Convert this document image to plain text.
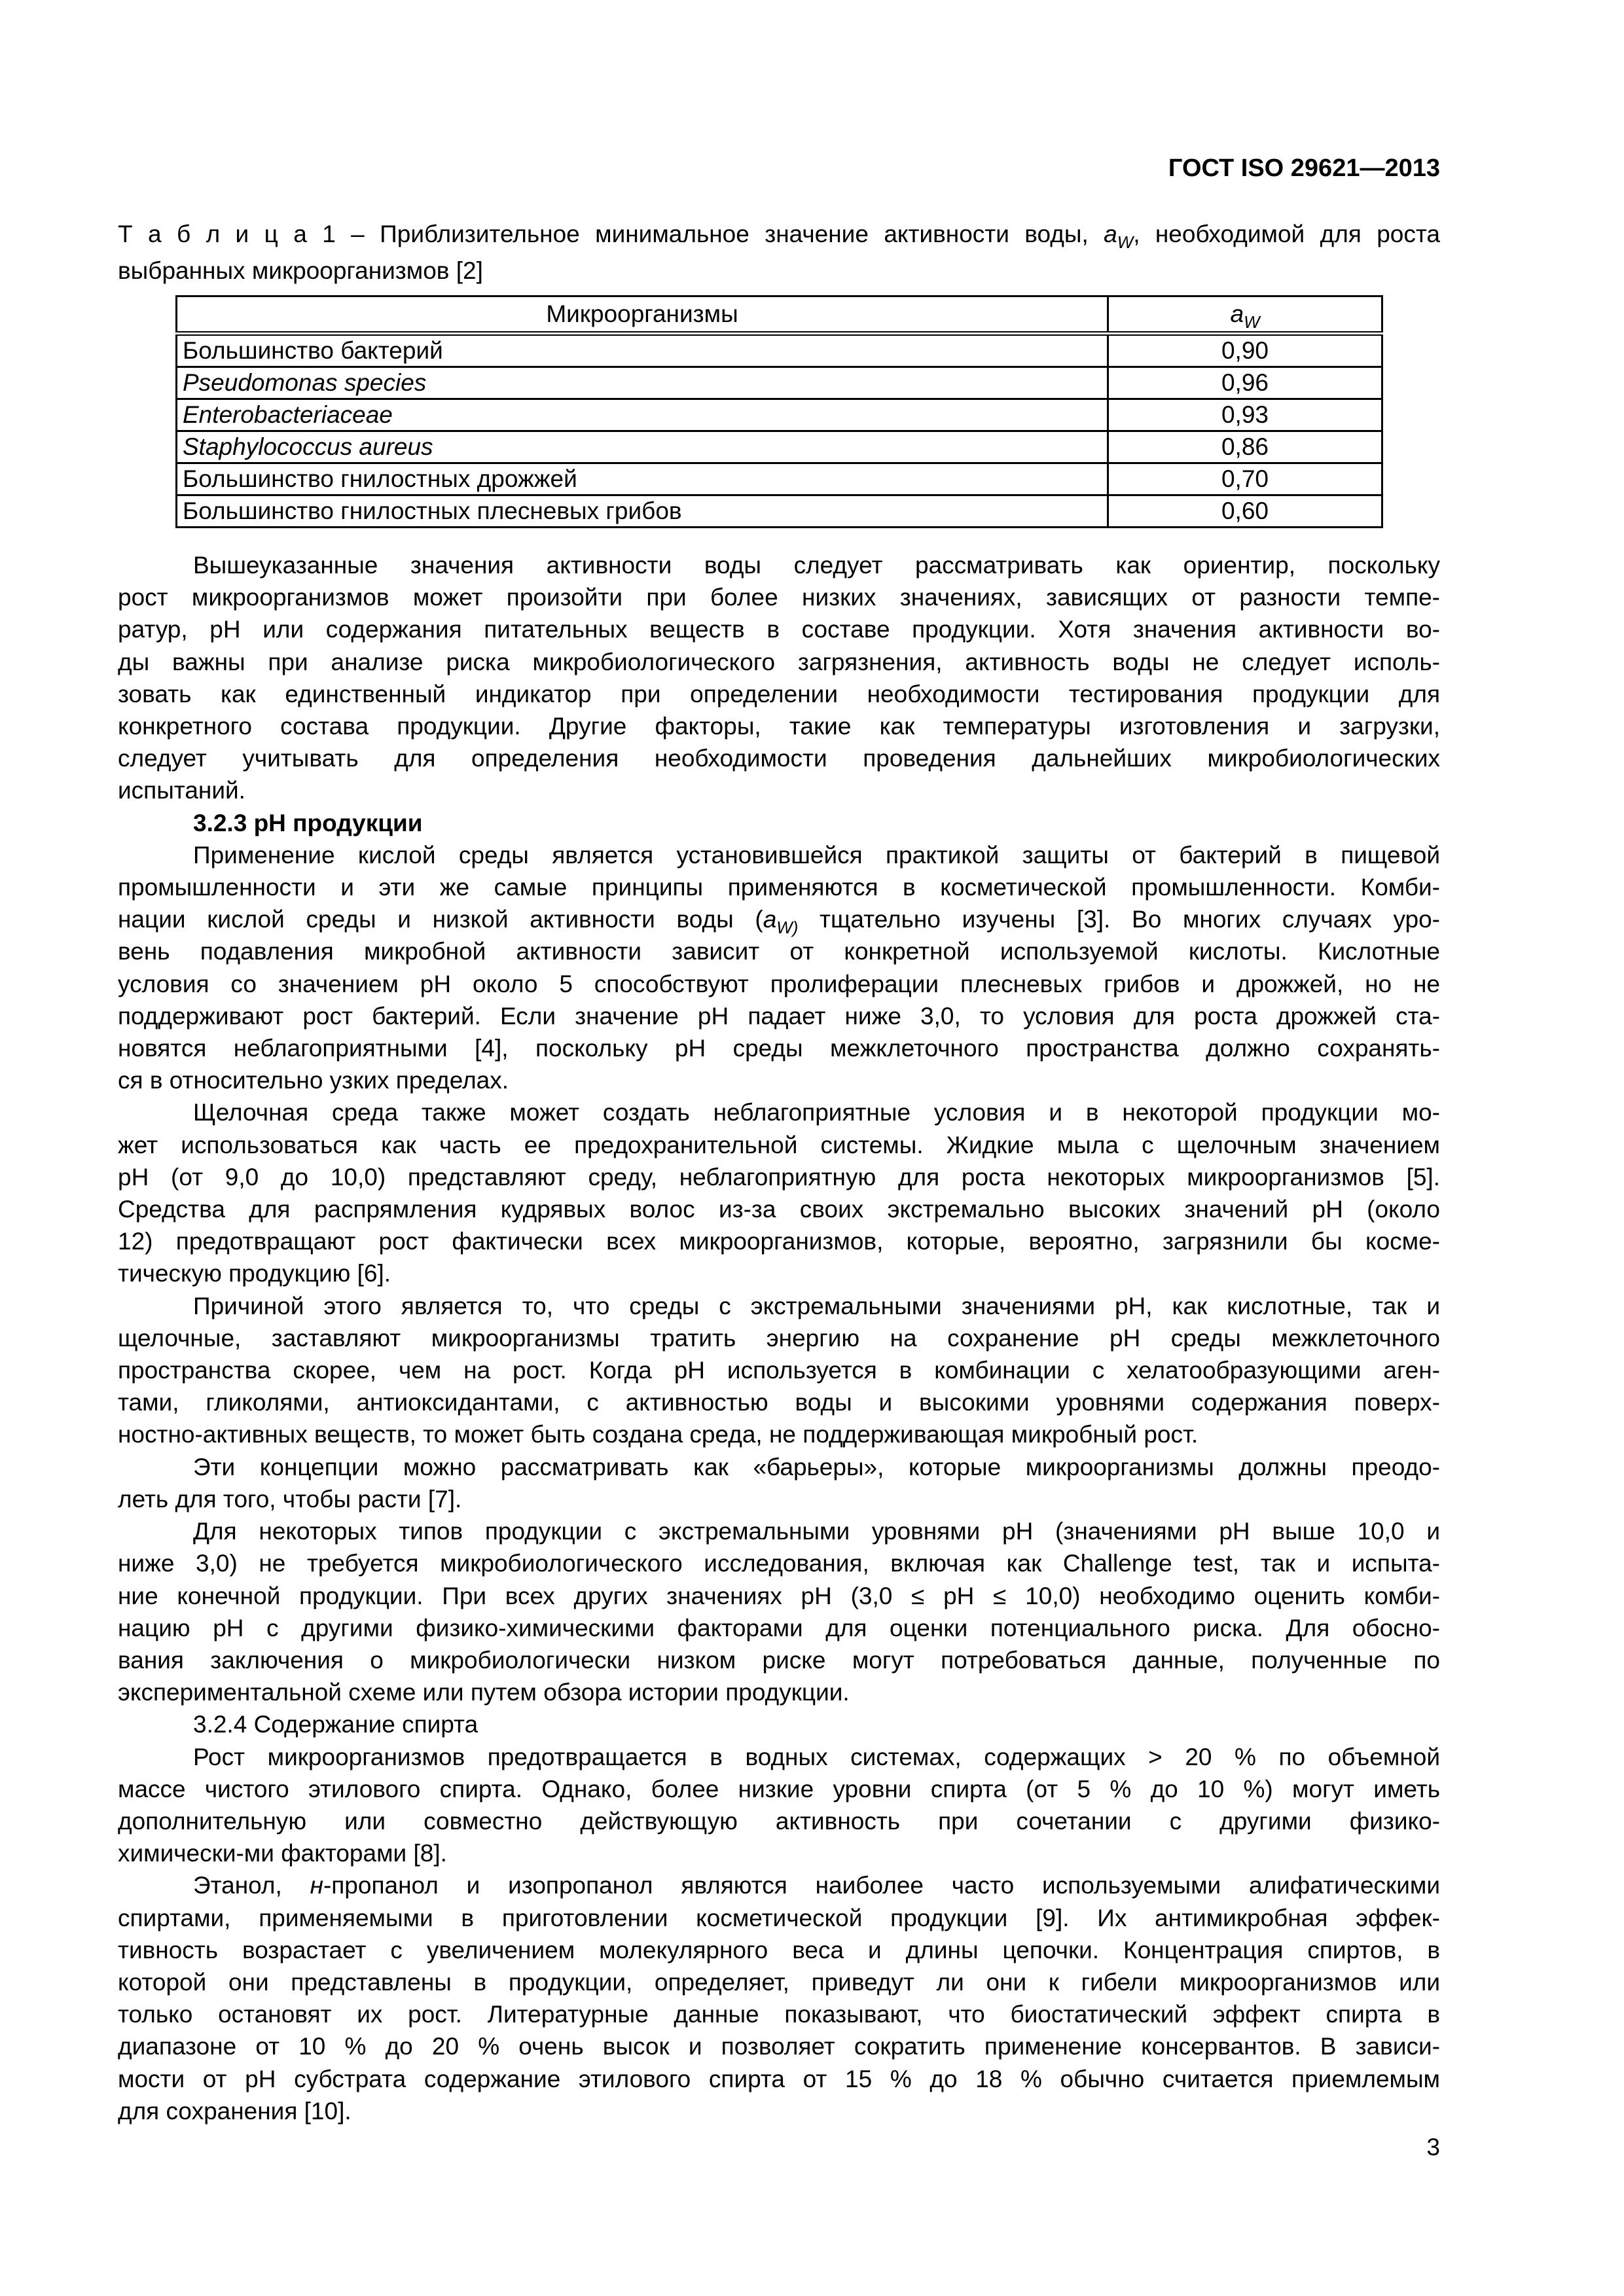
ГОСТ ISO 29621—2013
Т а б л и ц а 1 – Приблизительное минимальное значение активности воды, $a_W$, необходимой для роста
выбранных микроорганизмов [2]
Микроорганизмы	$a_W$
Большинство бактерий	0,90
Pseudomonas species	0,96
Enterobacteriaceae	0,93
Staphylococcus aureus	0,86
Большинство гнилостных дрожжей	0,70
Большинство гнилостных плесневых грибов	0,60
Вышеуказанные значения активности воды следует рассматривать как ориентир, поскольку
рост микроорганизмов может произойти при более низких значениях, зависящих от разности темпе-
ратур, pH или содержания питательных веществ в составе продукции. Хотя значения активности во-
ды важны при анализе риска микробиологического загрязнения, активность воды не следует исполь-
зовать как единственный индикатор при определении необходимости тестирования продукции для
конкретного состава продукции. Другие факторы, такие как температуры изготовления и загрузки,
следует учитывать для определения необходимости проведения дальнейших микробиологических
испытаний.
3.2.3 pH продукции
Применение кислой среды является установившейся практикой защиты от бактерий в пищевой
промышленности и эти же самые принципы применяются в косметической промышленности. Комби-
нации кислой среды и низкой активности воды ($a_{W)}$ тщательно изучены [3]. Во многих случаях уро-
вень подавления микробной активности зависит от конкретной используемой кислоты. Кислотные
условия со значением pH около 5 способствуют пролиферации плесневых грибов и дрожжей, но не
поддерживают рост бактерий. Если значение pH падает ниже 3,0, то условия для роста дрожжей ста-
новятся неблагоприятными [4], поскольку pH среды межклеточного пространства должно сохранять-
ся в относительно узких пределах.
Щелочная среда также может создать неблагоприятные условия и в некоторой продукции мо-
жет использоваться как часть ее предохранительной системы. Жидкие мыла с щелочным значением
pH (от 9,0 до 10,0) представляют среду, неблагоприятную для роста некоторых микроорганизмов [5].
Средства для распрямления кудрявых волос из-за своих экстремально высоких значений pH (около
12) предотвращают рост фактически всех микроорганизмов, которые, вероятно, загрязнили бы косме-
тическую продукцию [6].
Причиной этого является то, что среды с экстремальными значениями pH, как кислотные, так и
щелочные, заставляют микроорганизмы тратить энергию на сохранение pH среды межклеточного
пространства скорее, чем на рост. Когда pH используется в комбинации с хелатообразующими аген-
тами, гликолями, антиоксидантами, с активностью воды и высокими уровнями содержания поверх-
ностно-активных веществ, то может быть создана среда, не поддерживающая микробный рост.
Эти концепции можно рассматривать как «барьеры», которые микроорганизмы должны преодо-
леть для того, чтобы расти [7].
Для некоторых типов продукции с экстремальными уровнями pH (значениями pH выше 10,0 и
ниже 3,0) не требуется микробиологического исследования, включая как Challenge test, так и испыта-
ние конечной продукции. При всех других значениях pH (3,0 ≤ pH ≤ 10,0) необходимо оценить комби-
нацию pH с другими физико-химическими факторами для оценки потенциального риска. Для обосно-
вания заключения о микробиологически низком риске могут потребоваться данные, полученные по
экспериментальной схеме или путем обзора истории продукции.
3.2.4 Содержание спирта
Рост микроорганизмов предотвращается в водных системах, содержащих > 20 % по объемной
массе чистого этилового спирта. Однако, более низкие уровни спирта (от 5 % до 10 %) могут иметь
дополнительную или совместно действующую активность при сочетании с другими физико-
химически-ми факторами [8].
Этанол, н-пропанол и изопропанол являются наиболее часто используемыми алифатическими
спиртами, применяемыми в приготовлении косметической продукции [9]. Их антимикробная эффек-
тивность возрастает с увеличением молекулярного веса и длины цепочки. Концентрация спиртов, в
которой они представлены в продукции, определяет, приведут ли они к гибели микроорганизмов или
только остановят их рост. Литературные данные показывают, что биостатический эффект спирта в
диапазоне от 10 % до 20 % очень высок и позволяет сократить применение консервантов. В зависи-
мости от pH субстрата содержание этилового спирта от 15 % до 18 % обычно считается приемлемым
для сохранения [10].
3
